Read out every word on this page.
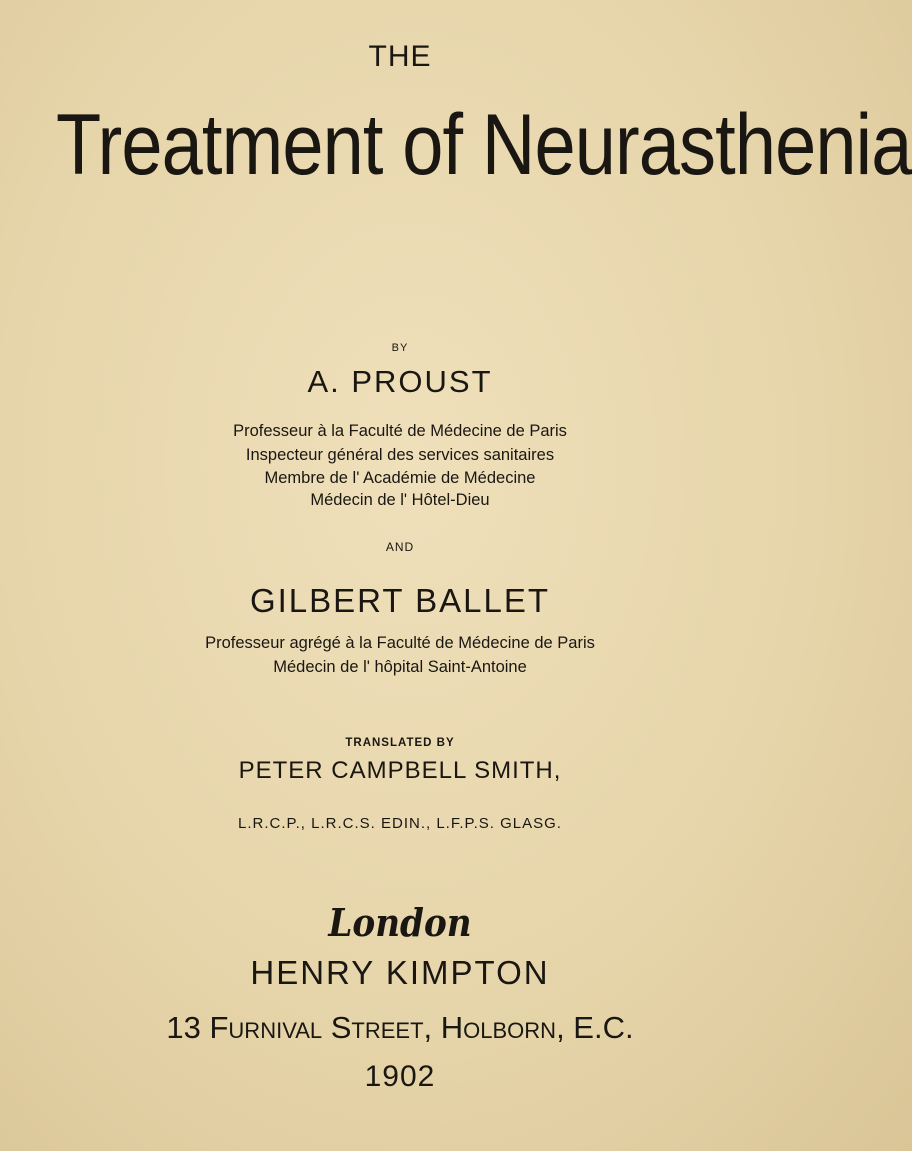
THE
Treatment of Neurasthenia
BY
A. PROUST
Professeur à la Faculté de Médecine de Paris
Inspecteur général des services sanitaires
Membre de l' Académie de Médecine
Médecin de l' Hôtel-Dieu
AND
GILBERT BALLET
Professeur agrégé à la Faculté de Médecine de Paris
Médecin de l' hôpital Saint-Antoine
TRANSLATED BY
PETER CAMPBELL SMITH,
L.R.C.P., L.R.C.S. EDIN., L.F.P.S. GLASG.
London
HENRY KIMPTON
13 Furnival Street, Holborn, E.C.
1902
